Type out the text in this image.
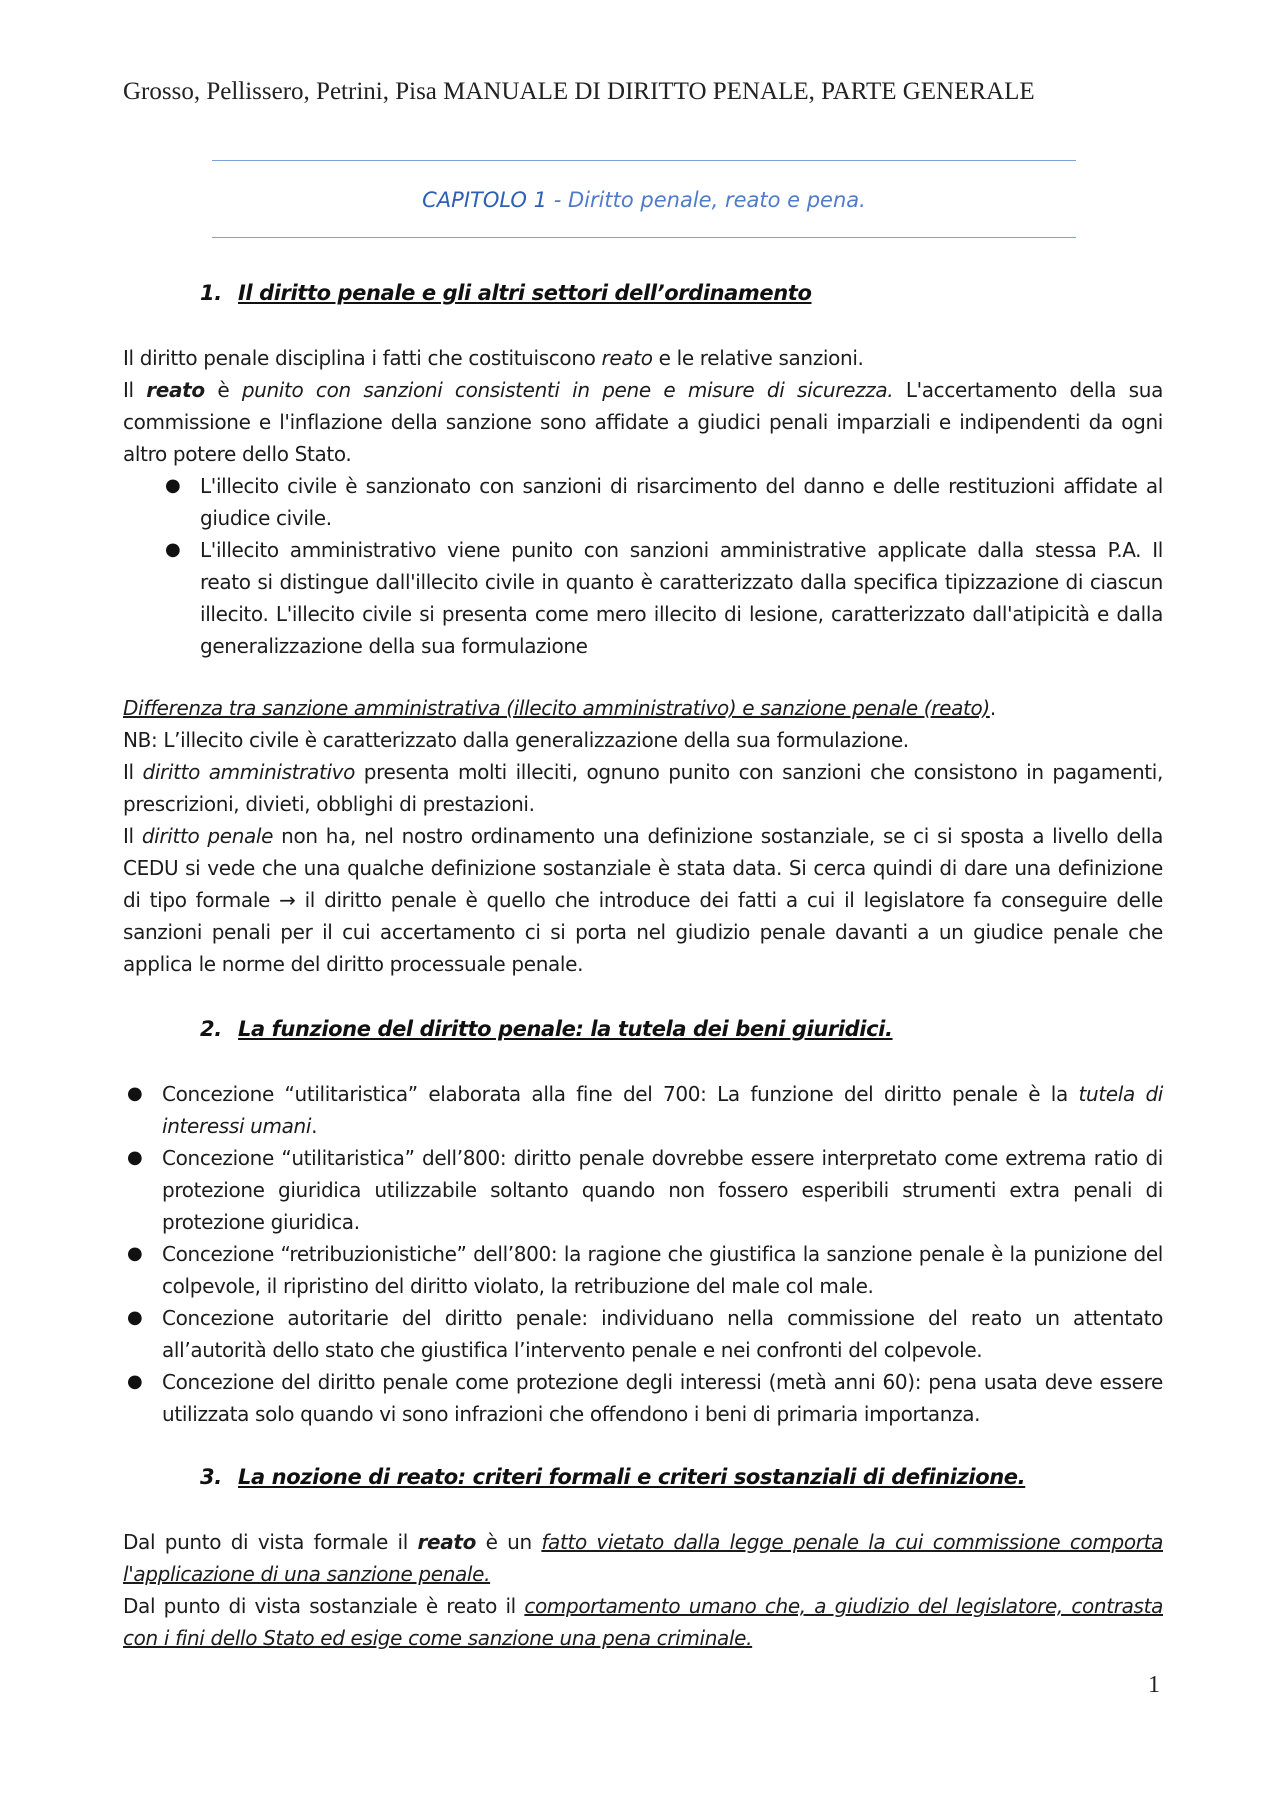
Grosso, Pellissero, Petrini, Pisa MANUALE DI DIRITTO PENALE, PARTE GENERALE
CAPITOLO 1 - Diritto penale, reato e pena.
1. Il diritto penale e gli altri settori dell’ordinamento

Il diritto penale disciplina i fatti che costituiscono reato e le relative sanzioni.

Il reato è punito con sanzioni consistenti in pene e misure di sicurezza. L'accertamento della sua commissione e l'inflazione della sanzione sono affidate a giudici penali imparziali e indipendenti da ogni altro potere dello Stato.

● L'illecito civile è sanzionato con sanzioni di risarcimento del danno e delle restituzioni affidate al giudice civile.
● L'illecito amministrativo viene punito con sanzioni amministrative applicate dalla stessa P.A. Il reato si distingue dall'illecito civile in quanto è caratterizzato dalla specifica tipizzazione di ciascun illecito. L'illecito civile si presenta come mero illecito di lesione, caratterizzato dall'atipicità e dalla generalizzazione della sua formulazione

Differenza tra sanzione amministrativa (illecito amministrativo) e sanzione penale (reato).

NB: L’illecito civile è caratterizzato dalla generalizzazione della sua formulazione.

Il diritto amministrativo presenta molti illeciti, ognuno punito con sanzioni che consistono in pagamenti, prescrizioni, divieti, obblighi di prestazioni.

Il diritto penale non ha, nel nostro ordinamento una definizione sostanziale, se ci si sposta a livello della CEDU si vede che una qualche definizione sostanziale è stata data. Si cerca quindi di dare una definizione di tipo formale → il diritto penale è quello che introduce dei fatti a cui il legislatore fa conseguire delle sanzioni penali per il cui accertamento ci si porta nel giudizio penale davanti a un giudice penale che applica le norme del diritto processuale penale.

2. La funzione del diritto penale: la tutela dei beni giuridici.
● Concezione “utilitaristica” elaborata alla fine del 700: La funzione del diritto penale è la tutela di interessi umani.
● Concezione “utilitaristica” dell’800: diritto penale dovrebbe essere interpretato come extrema ratio di protezione giuridica utilizzabile soltanto quando non fossero esperibili strumenti extra penali di protezione giuridica.
● Concezione “retribuzionistiche” dell’800: la ragione che giustifica la sanzione penale è la punizione del colpevole, il ripristino del diritto violato, la retribuzione del male col male.
● Concezione autoritarie del diritto penale: individuano nella commissione del reato un attentato all’autorità dello stato che giustifica l’intervento penale e nei confronti del colpevole.
● Concezione del diritto penale come protezione degli interessi (metà anni 60): pena usata deve essere utilizzata solo quando vi sono infrazioni che offendono i beni di primaria importanza.
3. La nozione di reato: criteri formali e criteri sostanziali di definizione.

Dal punto di vista formale il reato è un fatto vietato dalla legge penale la cui commissione comporta l'applicazione di una sanzione penale.

Dal punto di vista sostanziale è reato il comportamento umano che, a giudizio del legislatore, contrasta con i fini dello Stato ed esige come sanzione una pena criminale.

1
